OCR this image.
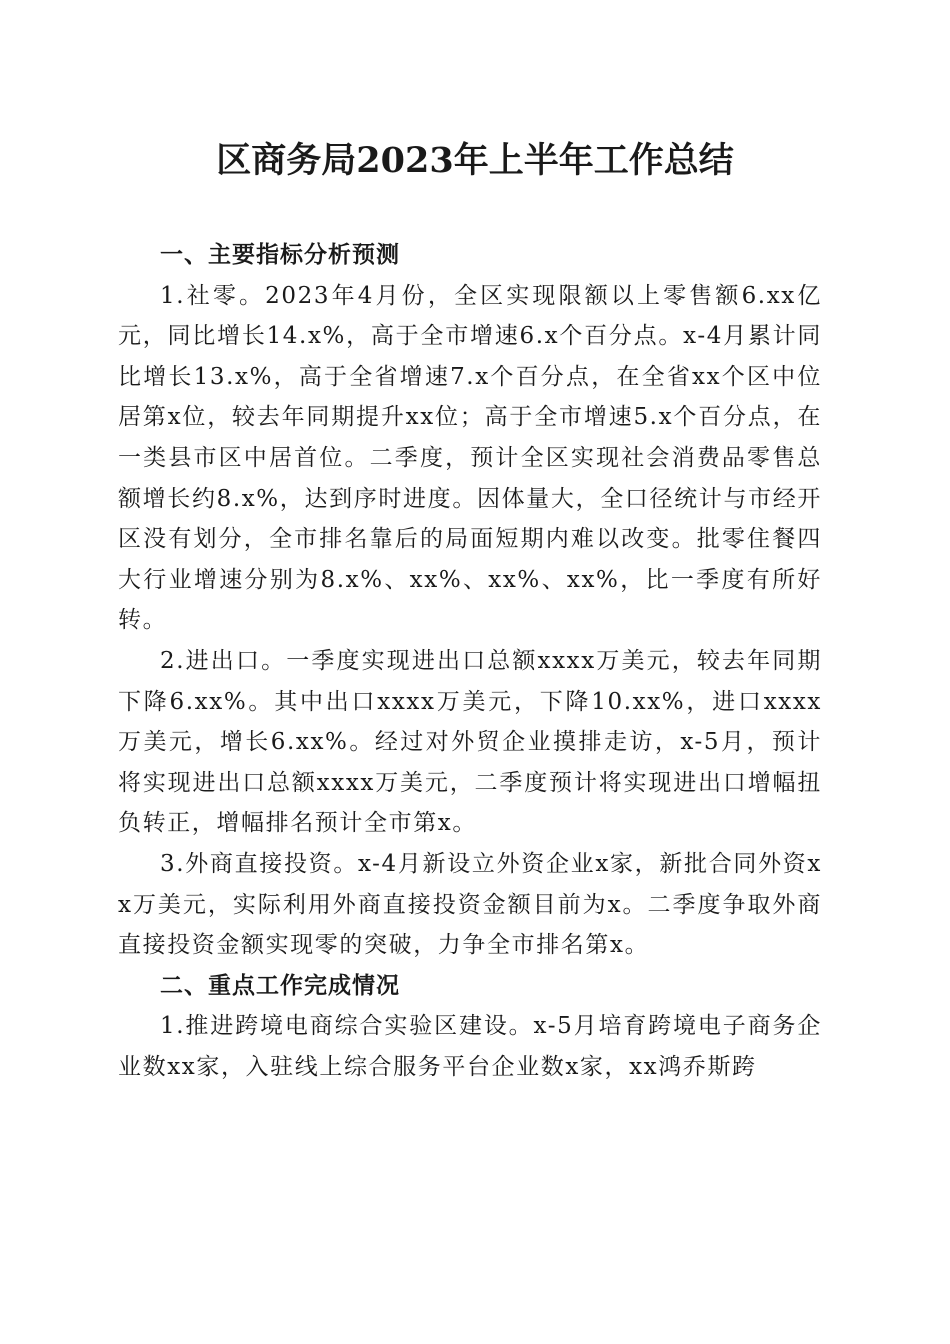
区商务局2023年上半年工作总结
一、主要指标分析预测

1.社零。2023年4月份，全区实现限额以上零售额6.xx亿元，同比增长14.x%，高于全市增速6.x个百分点。x-4月累计同比增长13.x%，高于全省增速7.x个百分点，在全省xx个区中位居第x位，较去年同期提升xx位；高于全市增速5.x个百分点，在一类县市区中居首位。二季度，预计全区实现社会消费品零售总额增长约8.x%，达到序时进度。因体量大，全口径统计与市经开区没有划分，全市排名靠后的局面短期内难以改变。批零住餐四大行业增速分别为8.x%、xx%、xx%、xx%，比一季度有所好转。

2.进出口。一季度实现进出口总额xxxx万美元，较去年同期下降6.xx%。其中出口xxxx万美元，下降10.xx%，进口xxxx万美元，增长6.xx%。经过对外贸企业摸排走访，x-5月，预计将实现进出口总额xxxx万美元，二季度预计将实现进出口增幅扭负转正，增幅排名预计全市第x。

3.外商直接投资。x-4月新设立外资企业x家，新批合同外资xx万美元，实际利用外商直接投资金额目前为x。二季度争取外商直接投资金额实现零的突破，力争全市排名第x。

二、重点工作完成情况

1.推进跨境电商综合实验区建设。x-5月培育跨境电子商务企业数xx家，入驻线上综合服务平台企业数x家，xx鸿乔斯跨
